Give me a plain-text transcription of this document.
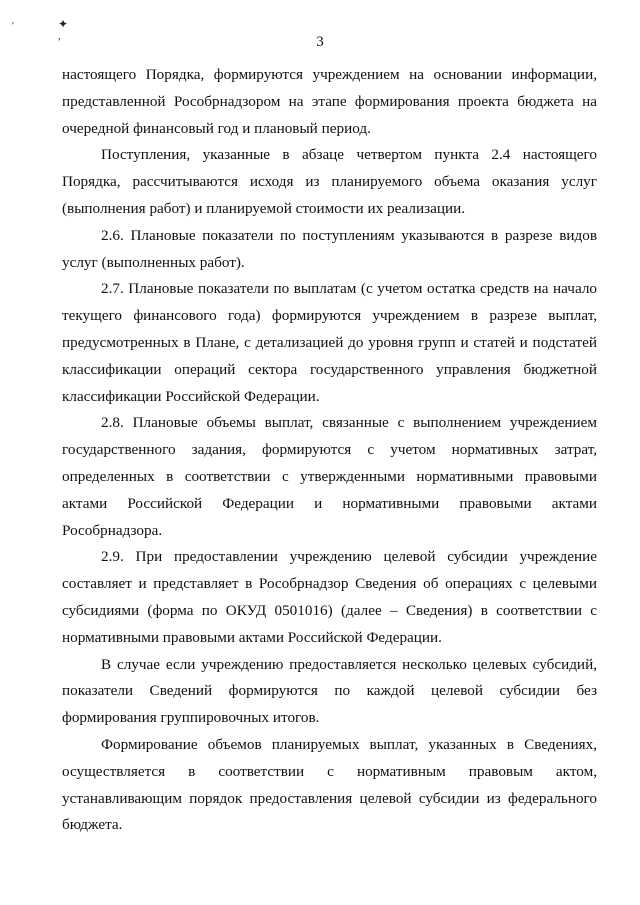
'	✦
,	3

настоящего Порядка, формируются учреждением на основании информации, представленной Рособрнадзором на этапе формирования проекта бюджета на очередной финансовый год и плановый период.

Поступления, указанные в абзаце четвертом пункта 2.4 настоящего Порядка, рассчитываются исходя из планируемого объема оказания услуг (выполнения работ) и планируемой стоимости их реализации.

2.6. Плановые показатели по поступлениям указываются в разрезе видов услуг (выполненных работ).

2.7. Плановые показатели по выплатам (с учетом остатка средств на начало текущего финансового года) формируются учреждением в разрезе выплат, предусмотренных в Плане, с детализацией до уровня групп и статей и подстатей классификации операций сектора государственного управления бюджетной классификации Российской Федерации.

2.8. Плановые объемы выплат, связанные с выполнением учреждением государственного задания, формируются с учетом нормативных затрат, определенных в соответствии с утвержденными нормативными правовыми актами Российской Федерации и нормативными правовыми актами Рособрнадзора.

2.9. При предоставлении учреждению целевой субсидии учреждение составляет и представляет в Рособрнадзор Сведения об операциях с целевыми субсидиями (форма по ОКУД 0501016) (далее – Сведения) в соответствии с нормативными правовыми актами Российской Федерации.

В случае если учреждению предоставляется несколько целевых субсидий, показатели Сведений формируются по каждой целевой субсидии без формирования группировочных итогов.

Формирование объемов планируемых выплат, указанных в Сведениях, осуществляется в соответствии с нормативным правовым актом, устанавливающим порядок предоставления целевой субсидии из федерального бюджета.
